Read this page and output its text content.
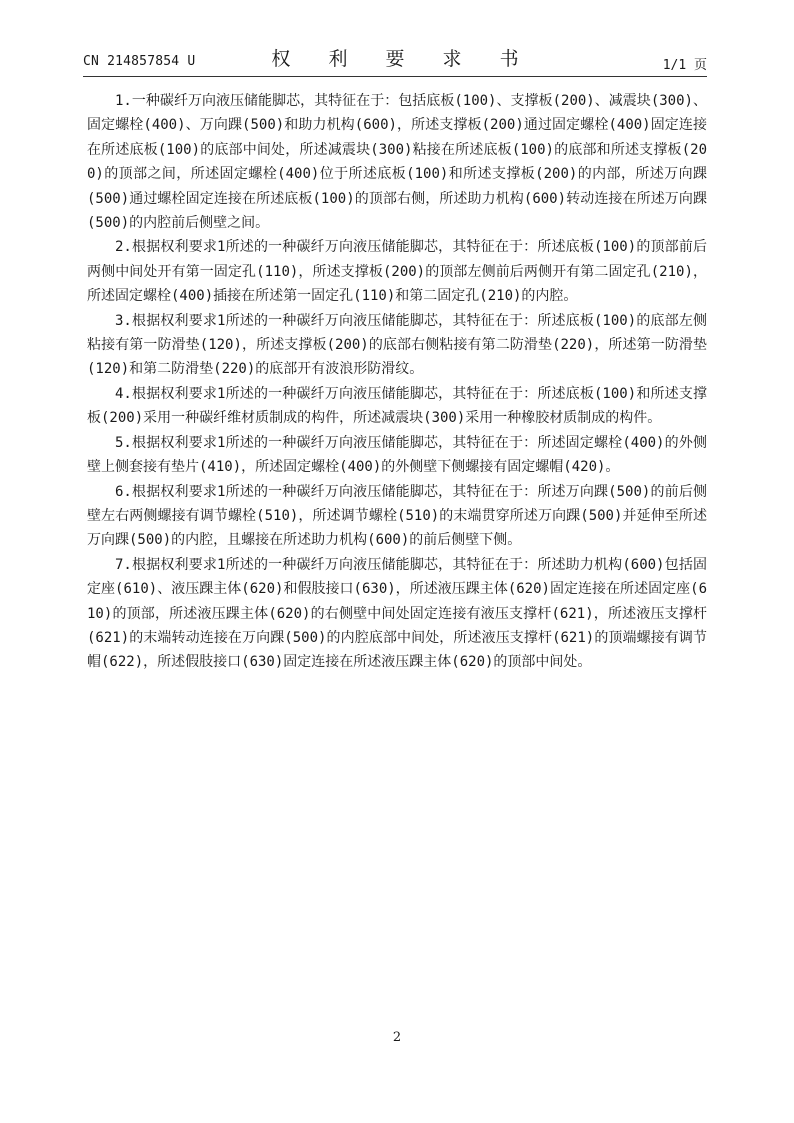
CN 214857854 U	权 利 要 求 书	1/1 页

1.一种碳纤万向液压储能脚芯，其特征在于：包括底板(100)、支撑板(200)、减震块(300)、固定螺栓(400)、万向踝(500)和助力机构(600)，所述支撑板(200)通过固定螺栓(400)固定连接在所述底板(100)的底部中间处，所述减震块(300)粘接在所述底板(100)的底部和所述支撑板(200)的顶部之间，所述固定螺栓(400)位于所述底板(100)和所述支撑板(200)的内部，所述万向踝(500)通过螺栓固定连接在所述底板(100)的顶部右侧，所述助力机构(600)转动连接在所述万向踝(500)的内腔前后侧壁之间。

2.根据权利要求1所述的一种碳纤万向液压储能脚芯，其特征在于：所述底板(100)的顶部前后两侧中间处开有第一固定孔(110)，所述支撑板(200)的顶部左侧前后两侧开有第二固定孔(210)，所述固定螺栓(400)插接在所述第一固定孔(110)和第二固定孔(210)的内腔。

3.根据权利要求1所述的一种碳纤万向液压储能脚芯，其特征在于：所述底板(100)的底部左侧粘接有第一防滑垫(120)，所述支撑板(200)的底部右侧粘接有第二防滑垫(220)，所述第一防滑垫(120)和第二防滑垫(220)的底部开有波浪形防滑纹。

4.根据权利要求1所述的一种碳纤万向液压储能脚芯，其特征在于：所述底板(100)和所述支撑板(200)采用一种碳纤维材质制成的构件，所述减震块(300)采用一种橡胶材质制成的构件。

5.根据权利要求1所述的一种碳纤万向液压储能脚芯，其特征在于：所述固定螺栓(400)的外侧壁上侧套接有垫片(410)，所述固定螺栓(400)的外侧壁下侧螺接有固定螺帽(420)。

6.根据权利要求1所述的一种碳纤万向液压储能脚芯，其特征在于：所述万向踝(500)的前后侧壁左右两侧螺接有调节螺栓(510)，所述调节螺栓(510)的末端贯穿所述万向踝(500)并延伸至所述万向踝(500)的内腔，且螺接在所述助力机构(600)的前后侧壁下侧。

7.根据权利要求1所述的一种碳纤万向液压储能脚芯，其特征在于：所述助力机构(600)包括固定座(610)、液压踝主体(620)和假肢接口(630)，所述液压踝主体(620)固定连接在所述固定座(610)的顶部，所述液压踝主体(620)的右侧壁中间处固定连接有液压支撑杆(621)，所述液压支撑杆(621)的末端转动连接在万向踝(500)的内腔底部中间处，所述液压支撑杆(621)的顶端螺接有调节帽(622)，所述假肢接口(630)固定连接在所述液压踝主体(620)的顶部中间处。

2
